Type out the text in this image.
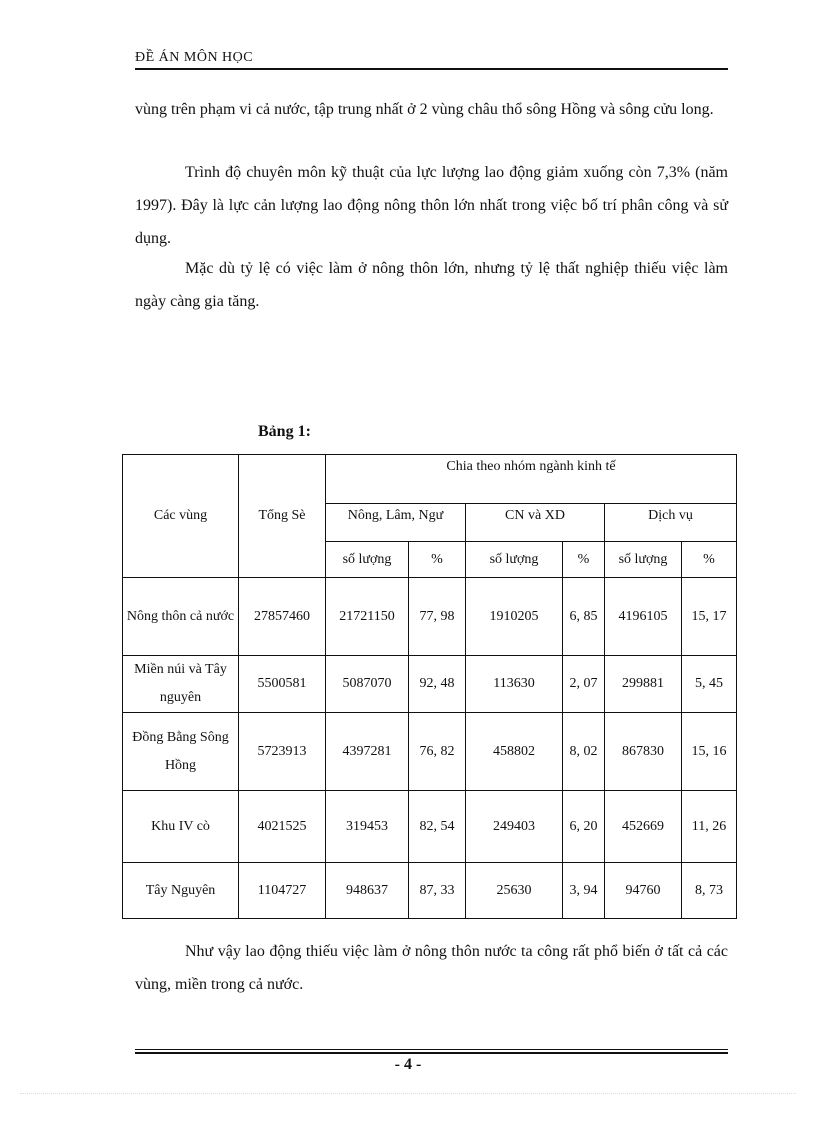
ĐỀ ÁN MÔN HỌC

vùng trên phạm vi cả nước, tập trung nhất ở 2 vùng châu thổ sông Hồng và sông cửu long.

Trình độ chuyên môn kỹ thuật của lực lượng lao động giảm xuống còn 7,3% (năm 1997). Đây là lực cản lượng lao động nông thôn lớn nhất trong việc bố trí phân công và sử dụng.

Mặc dù tỷ lệ có việc làm ở nông thôn lớn, nhưng tỷ lệ thất nghiệp thiếu việc làm ngày càng gia tăng.

Bảng 1:
Các vùng	Tổng Sè	Chia theo nhóm ngành kinh tế					
		Nông, Lâm, Ngư		CN và XD		Dịch vụ	
		số lượng	%	số lượng	%	số lượng	%
Nông thôn cả nước	27857460	21721150	77, 98	1910205	6, 85	4196105	15, 17
Miền núi và Tây nguyên	5500581	5087070	92, 48	113630	2, 07	299881	5, 45
Đồng Bằng Sông Hồng	5723913	4397281	76, 82	458802	8, 02	867830	15, 16
Khu IV cò	4021525	319453	82, 54	249403	6, 20	452669	11, 26
Tây Nguyên	1104727	948637	87, 33	25630	3, 94	94760	8, 73

Như vậy lao động thiếu việc làm ở nông thôn nước ta công rất phổ biến ở tất cả các vùng, miền trong cả nước.

- 4 -
